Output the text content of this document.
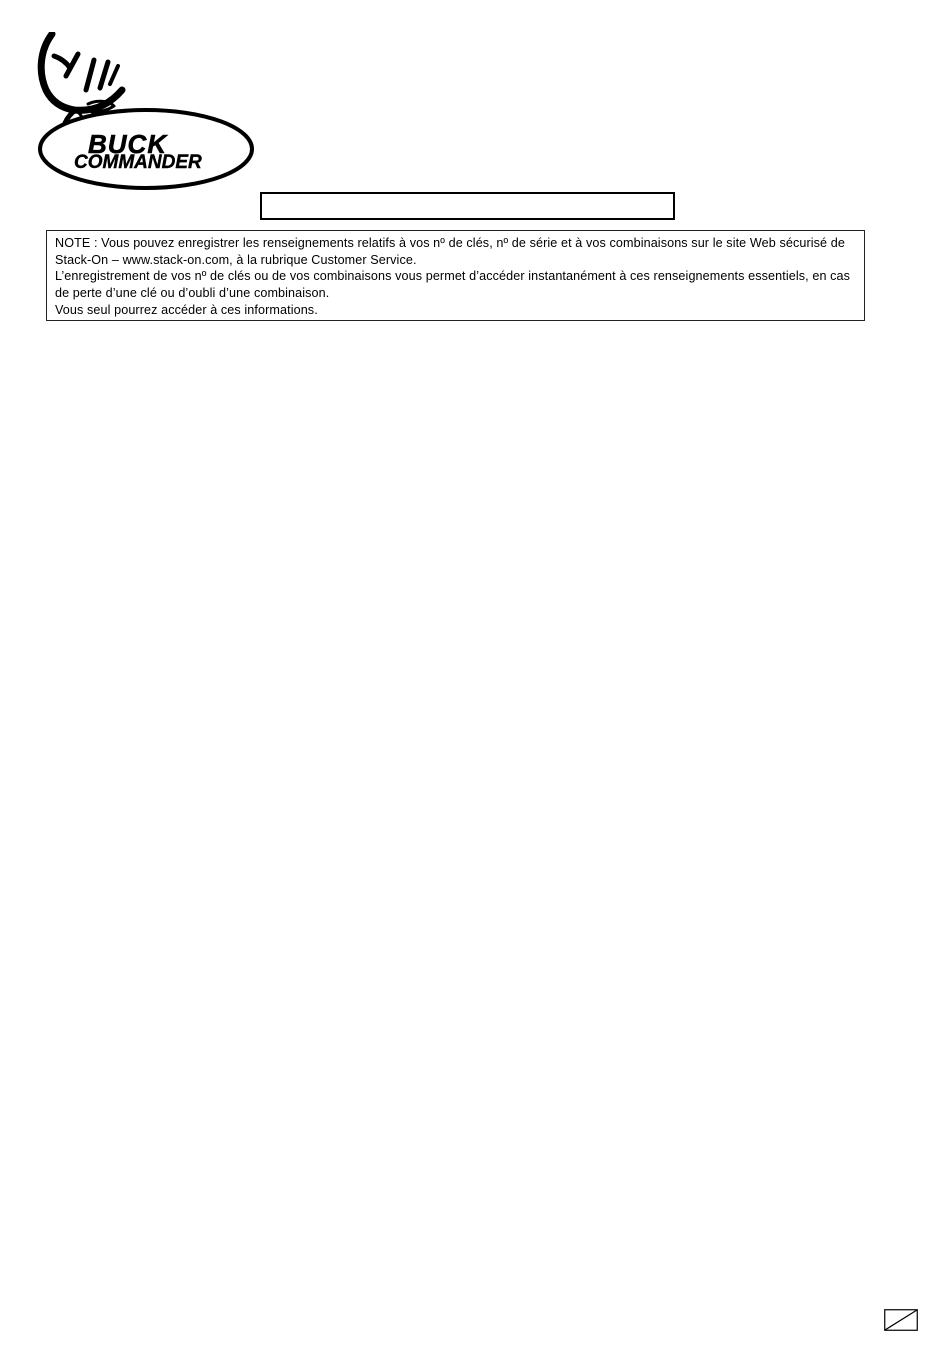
BUCK
COMMANDER

NOTE : Vous pouvez enregistrer les renseignements relatifs à vos nº de clés, nº de série et à vos combinaisons sur le site Web sécurisé de Stack-On – www.stack-on.com, à la rubrique Customer Service.

L’enregistrement de vos nº de clés ou de vos combinaisons vous permet d’accéder instantanément à ces renseignements essentiels, en cas de perte d’une clé ou d’oubli d’une combinaison.

Vous seul pourrez accéder à ces informations.
